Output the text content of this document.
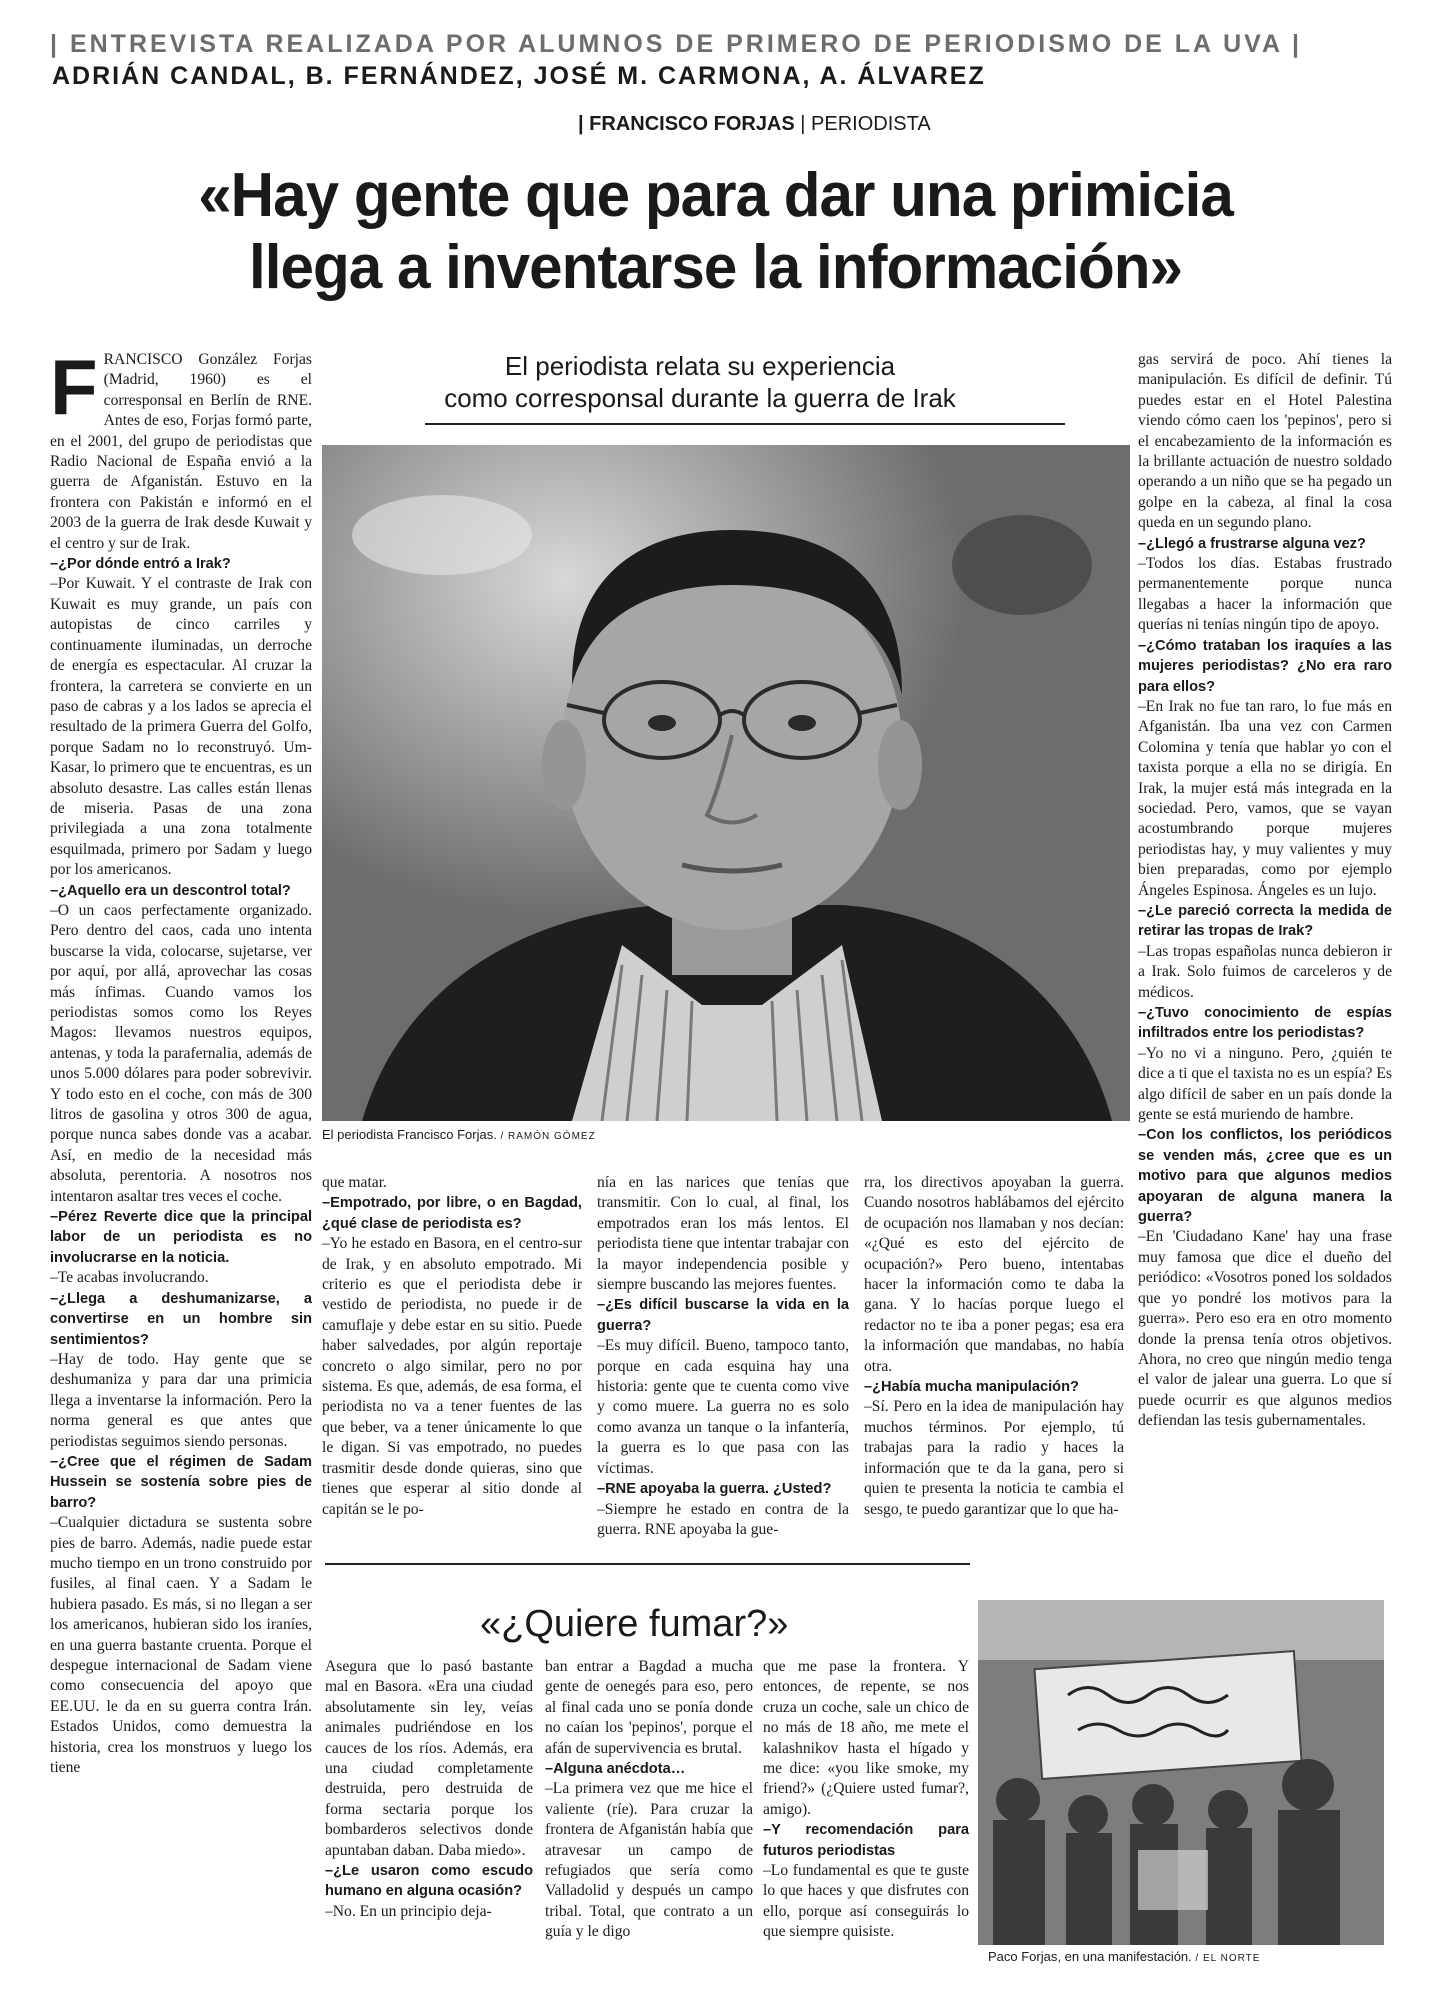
| ENTREVISTA REALIZADA POR ALUMNOS DE PRIMERO DE PERIODISMO DE LA UVA |
ADRIÁN CANDAL, B. FERNÁNDEZ, JOSÉ M. CARMONA, A. ÁLVAREZ
| FRANCISCO FORJAS | PERIODISTA
«Hay gente que para dar una primicia
llega a inventarse la información»
El periodista relata su experiencia
como corresponsal durante la guerra de Irak
El periodista Francisco Forjas. / RAMÓN GÓMEZ
F RANCISCO González Forjas (Madrid, 1960) es el corresponsal en Berlín de RNE. Antes de eso, Forjas formó parte, en el 2001, del grupo de periodistas que Radio Nacional de España envió a la guerra de Afganistán. Estuvo en la frontera con Pakistán e informó en el 2003 de la guerra de Irak desde Kuwait y el centro y sur de Irak.

–¿Por dónde entró a Irak?

–Por Kuwait. Y el contraste de Irak con Kuwait es muy grande, un país con autopistas de cinco carriles y continuamente iluminadas, un derroche de energía es espectacular. Al cruzar la frontera, la carretera se convierte en un paso de cabras y a los lados se aprecia el resultado de la primera Guerra del Golfo, porque Sadam no lo reconstruyó. Um-Kasar, lo primero que te encuentras, es un absoluto desastre. Las calles están llenas de miseria. Pasas de una zona privilegiada a una zona totalmente esquilmada, primero por Sadam y luego por los americanos.

–¿Aquello era un descontrol total?

–O un caos perfectamente organizado. Pero dentro del caos, cada uno intenta buscarse la vida, colocarse, sujetarse, ver por aquí, por allá, aprovechar las cosas más ínfimas. Cuando vamos los periodistas somos como los Reyes Magos: llevamos nuestros equipos, antenas, y toda la parafernalia, además de unos 5.000 dólares para poder sobrevivir. Y todo esto en el coche, con más de 300 litros de gasolina y otros 300 de agua, porque nunca sabes donde vas a acabar. Así, en medio de la necesidad más absoluta, perentoria. A nosotros nos intentaron asaltar tres veces el coche.

–Pérez Reverte dice que la principal labor de un periodista es no involucrarse en la noticia.

–Te acabas involucrando.

–¿Llega a deshumanizarse, a convertirse en un hombre sin sentimientos?

–Hay de todo. Hay gente que se deshumaniza y para dar una primicia llega a inventarse la información. Pero la norma general es que antes que periodistas seguimos siendo personas.

–¿Cree que el régimen de Sadam Hussein se sostenía sobre pies de barro?

–Cualquier dictadura se sustenta sobre pies de barro. Además, nadie puede estar mucho tiempo en un trono construido por fusiles, al final caen. Y a Sadam le hubiera pasado. Es más, si no llegan a ser los americanos, hubieran sido los iraníes, en una guerra bastante cruenta. Porque el despegue internacional de Sadam viene como consecuencia del apoyo que EE.UU. le da en su guerra contra Irán. Estados Unidos, como demuestra la historia, crea los monstruos y luego los tiene

que matar.

–Empotrado, por libre, o en Bagdad, ¿qué clase de periodista es?

–Yo he estado en Basora, en el centro-sur de Irak, y en absoluto empotrado. Mi criterio es que el periodista debe ir vestido de periodista, no puede ir de camuflaje y debe estar en su sitio. Puede haber salvedades, por algún reportaje concreto o algo similar, pero no por sistema. Es que, además, de esa forma, el periodista no va a tener fuentes de las que beber, va a tener únicamente lo que le digan. Si vas empotrado, no puedes trasmitir desde donde quieras, sino que tienes que esperar al sitio donde al capitán se le po-

nía en las narices que tenías que transmitir. Con lo cual, al final, los empotrados eran los más lentos. El periodista tiene que intentar trabajar con la mayor independencia posible y siempre buscando las mejores fuentes.

–¿Es difícil buscarse la vida en la guerra?

–Es muy difícil. Bueno, tampoco tanto, porque en cada esquina hay una historia: gente que te cuenta como vive y como muere. La guerra no es solo como avanza un tanque o la infantería, la guerra es lo que pasa con las víctimas.

–RNE apoyaba la guerra. ¿Usted?

–Siempre he estado en contra de la guerra. RNE apoyaba la gue-

rra, los directivos apoyaban la guerra. Cuando nosotros hablábamos del ejército de ocupación nos llamaban y nos decían: «¿Qué es esto del ejército de ocupación?» Pero bueno, intentabas hacer la información como te daba la gana. Y lo hacías porque luego el redactor no te iba a poner pegas; esa era la información que mandabas, no había otra.

–¿Había mucha manipulación?

–Sí. Pero en la idea de manipulación hay muchos términos. Por ejemplo, tú trabajas para la radio y haces la información que te da la gana, pero si quien te presenta la noticia te cambia el sesgo, te puedo garantizar que lo que ha-

gas servirá de poco. Ahí tienes la manipulación. Es difícil de definir. Tú puedes estar en el Hotel Palestina viendo cómo caen los 'pepinos', pero si el encabezamiento de la información es la brillante actuación de nuestro soldado operando a un niño que se ha pegado un golpe en la cabeza, al final la cosa queda en un segundo plano.

–¿Llegó a frustrarse alguna vez?

–Todos los días. Estabas frustrado permanentemente porque nunca llegabas a hacer la información que querías ni tenías ningún tipo de apoyo.

–¿Cómo trataban los iraquíes a las mujeres periodistas? ¿No era raro para ellos?

–En Irak no fue tan raro, lo fue más en Afganistán. Iba una vez con Carmen Colomina y tenía que hablar yo con el taxista porque a ella no se dirigía. En Irak, la mujer está más integrada en la sociedad. Pero, vamos, que se vayan acostumbrando porque mujeres periodistas hay, y muy valientes y muy bien preparadas, como por ejemplo Ángeles Espinosa. Ángeles es un lujo.

–¿Le pareció correcta la medida de retirar las tropas de Irak?

–Las tropas españolas nunca debieron ir a Irak. Solo fuimos de carceleros y de médicos.

–¿Tuvo conocimiento de espías infiltrados entre los periodistas?

–Yo no vi a ninguno. Pero, ¿quién te dice a ti que el taxista no es un espía? Es algo difícil de saber en un país donde la gente se está muriendo de hambre.

–Con los conflictos, los periódicos se venden más, ¿cree que es un motivo para que algunos medios apoyaran de alguna manera la guerra?

–En 'Ciudadano Kane' hay una frase muy famosa que dice el dueño del periódico: «Vosotros poned los soldados que yo pondré los motivos para la guerra». Pero eso era en otro momento donde la prensa tenía otros objetivos. Ahora, no creo que ningún medio tenga el valor de jalear una guerra. Lo que sí puede ocurrir es que algunos medios defiendan las tesis gubernamentales.

«¿Quiere fumar?»

Asegura que lo pasó bastante mal en Basora. «Era una ciudad absolutamente sin ley, veías animales pudriéndose en los cauces de los ríos. Además, era una ciudad completamente destruida, pero destruida de forma sectaria porque los bombarderos selectivos donde apuntaban daban. Daba miedo».

–¿Le usaron como escudo humano en alguna ocasión?

–No. En un principio deja-

ban entrar a Bagdad a mucha gente de oenegés para eso, pero al final cada uno se ponía donde no caían los 'pepinos', porque el afán de supervivencia es brutal.

–Alguna anécdota…

–La primera vez que me hice el valiente (ríe). Para cruzar la frontera de Afganistán había que atravesar un campo de refugiados que sería como Valladolid y después un campo tribal. Total, que contrato a un guía y le digo

que me pase la frontera. Y entonces, de repente, se nos cruza un coche, sale un chico de no más de 18 año, me mete el kalashnikov hasta el hígado y me dice: «you like smoke, my friend?» (¿Quiere usted fumar?, amigo).

–Y recomendación para futuros periodistas

–Lo fundamental es que te guste lo que haces y que disfrutes con ello, porque así conseguirás lo que siempre quisiste.

Paco Forjas, en una manifestación. / EL NORTE
